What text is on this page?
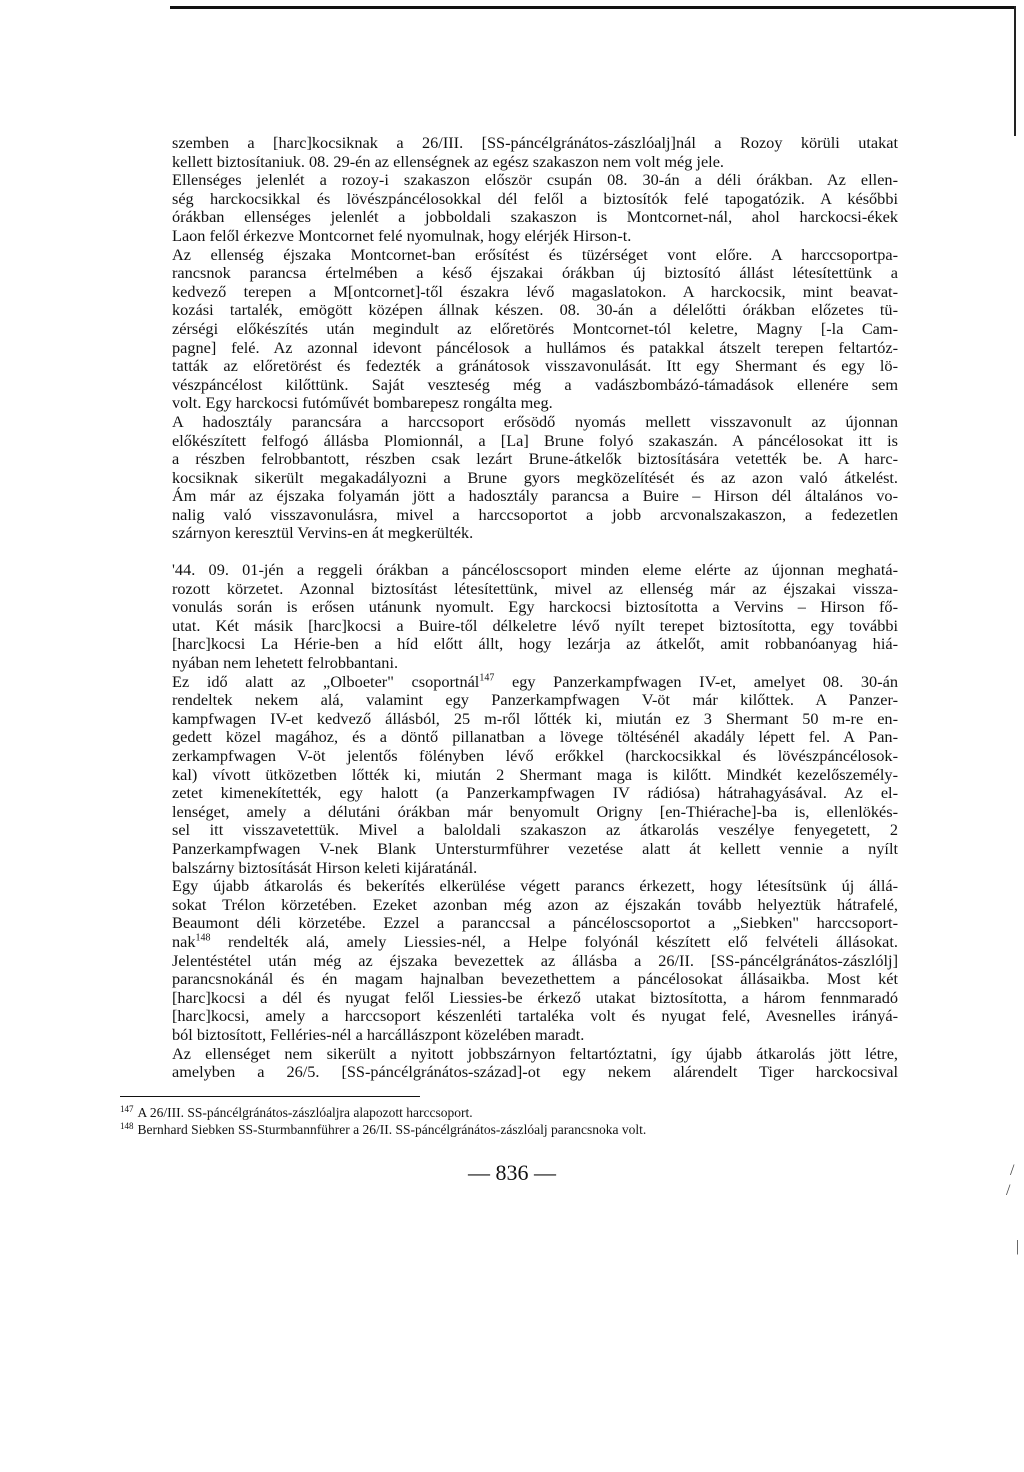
szemben a [harc]kocsiknak a 26/III. [SS-páncélgránátos-zászlóalj]nál a Rozoy körüli utakat
kellett biztosítaniuk. 08. 29-én az ellenségnek az egész szakaszon nem volt még jele.
Ellenséges jelenlét a rozoy-i szakaszon először csupán 08. 30-án a déli órákban. Az ellen-
ség harckocsikkal és lövészpáncélosokkal dél felől a biztosítók felé tapogatózik. A későbbi
órákban ellenséges jelenlét a jobboldali szakaszon is Montcornet-nál, ahol harckocsi-ékek
Laon felől érkezve Montcornet felé nyomulnak, hogy elérjék Hirson-t.
Az ellenség éjszaka Montcornet-ban erősítést és tüzérséget vont előre. A harccsoportpa-
rancsnok parancsa értelmében a késő éjszakai órákban új biztosító állást létesítettünk a
kedvező terepen a M[ontcornet]-től északra lévő magaslatokon. A harckocsik, mint beavat-
kozási tartalék, emögött középen állnak készen. 08. 30-án a délelőtti órákban előzetes tü-
zérségi előkészítés után megindult az előretörés Montcornet-tól keletre, Magny [-la Cam-
pagne] felé. Az azonnal idevont páncélosok a hullámos és patakkal átszelt terepen feltartóz-
tatták az előretörést és fedezték a gránátosok visszavonulását. Itt egy Shermant és egy lö-
vészpáncélost kilőttünk. Saját veszteség még a vadászbombázó-támadások ellenére sem
volt. Egy harckocsi futóművét bombarepesz rongálta meg.
A hadosztály parancsára a harccsoport erősödő nyomás mellett visszavonult az újonnan
előkészített felfogó állásba Plomionnál, a [La] Brune folyó szakaszán. A páncélosokat itt is
a részben felrobbantott, részben csak lezárt Brune-átkelők biztosítására vetették be. A harc-
kocsiknak sikerült megakadályozni a Brune gyors megközelítését és az azon való átkelést.
Ám már az éjszaka folyamán jött a hadosztály parancsa a Buire – Hirson dél általános vo-
nalig való visszavonulásra, mivel a harccsoportot a jobb arcvonalszakaszon, a fedezetlen
szárnyon keresztül Vervins-en át megkerülték.
'44. 09. 01-jén a reggeli órákban a páncéloscsoport minden eleme elérte az újonnan meghatá-
rozott körzetet. Azonnal biztosítást létesítettünk, mivel az ellenség már az éjszakai vissza-
vonulás során is erősen utánunk nyomult. Egy harckocsi biztosította a Vervins – Hirson fő-
utat. Két másik [harc]kocsi a Buire-től délkeletre lévő nyílt terepet biztosította, egy további
[harc]kocsi La Hérie-ben a híd előtt állt, hogy lezárja az átkelőt, amit robbanóanyag hiá-
nyában nem lehetett felrobbantani.
Ez idő alatt az „Olboeter" csoportnál$^{147}$ egy Panzerkampfwagen IV-et, amelyet 08. 30-án
rendeltek nekem alá, valamint egy Panzerkampfwagen V-öt már kilőttek. A Panzer-
kampfwagen IV-et kedvező állásból, 25 m-ről lőtték ki, miután ez 3 Shermant 50 m-re en-
gedett közel magához, és a döntő pillanatban a lövege töltésénél akadály lépett fel. A Pan-
zerkampfwagen V-öt jelentős fölényben lévő erőkkel (harckocsikkal és lövészpáncélosok-
kal) vívott ütközetben lőtték ki, miután 2 Shermant maga is kilőtt. Mindkét kezelőszemély-
zetet kimenekítették, egy halott (a Panzerkampfwagen IV rádiósa) hátrahagyásával. Az el-
lenséget, amely a délutáni órákban már benyomult Origny [en-Thiérache]-ba is, ellenlökés-
sel itt visszavetettük. Mivel a baloldali szakaszon az átkarolás veszélye fenyegetett, 2
Panzerkampfwagen V-nek Blank Untersturmführer vezetése alatt át kellett vennie a nyílt
balszárny biztosítását Hirson keleti kijáratánál.
Egy újabb átkarolás és bekerítés elkerülése végett parancs érkezett, hogy létesítsünk új állá-
sokat Trélon körzetében. Ezeket azonban még azon az éjszakán tovább helyeztük hátrafelé,
Beaumont déli körzetébe. Ezzel a paranccsal a páncéloscsoportot a „Siebken" harccsoport-
nak$^{148}$ rendelték alá, amely Liessies-nél, a Helpe folyónál készített elő felvételi állásokat.
Jelentéstétel után még az éjszaka bevezettek az állásba a 26/II. [SS-páncélgránátos-zászlólj]
parancsnokánál és én magam hajnalban bevezethettem a páncélosokat állásaikba. Most két
[harc]kocsi a dél és nyugat felől Liessies-be érkező utakat biztosította, a három fennmaradó
[harc]kocsi, amely a harccsoport készenléti tartaléka volt és nyugat felé, Avesnelles irányá-
ból biztosított, Felléries-nél a harcállászpont közelében maradt.
Az ellenséget nem sikerült a nyitott jobbszárnyon feltartóztatni, így újabb átkarolás jött létre,
amelyben a 26/5. [SS-páncélgránátos-század]-ot egy nekem alárendelt Tiger harckocsival
/
/
|
$^{147}$ A 26/III. SS-páncélgránátos-zászlóaljra alapozott harccsoport.
$^{148}$ Bernhard Siebken SS-Sturmbannführer a 26/II. SS-páncélgránátos-zászlóalj parancsnoka volt.
— 836 —
